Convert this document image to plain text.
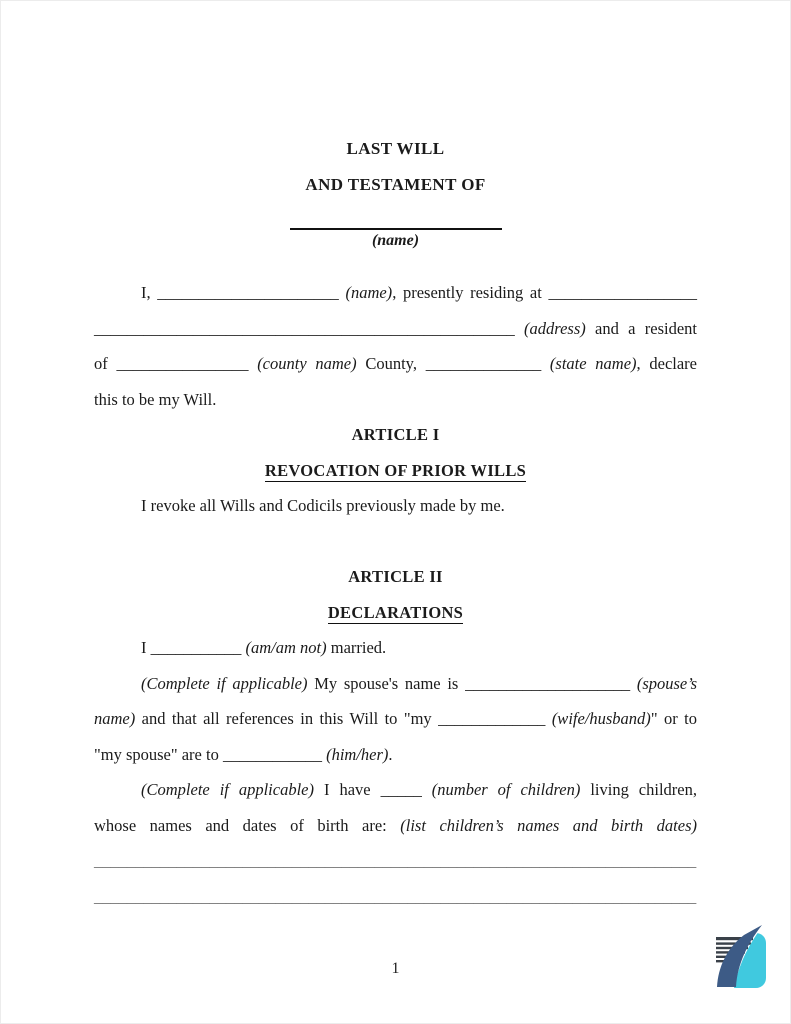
LAST WILL
AND TESTAMENT OF
(name)
I, ______________________ (name), presently residing at __________________
___________________________________________________ (address) and a resident
of ________________ (county name) County, ______________ (state name), declare
this to be my Will.
ARTICLE I
REVOCATION OF PRIOR WILLS
I revoke all Wills and Codicils previously made by me.
ARTICLE II
DECLARATIONS
I ___________ (am/am not) married.
(Complete if applicable) My spouse's name is ____________________ (spouse’s
name) and that all references in this Will to "my _____________ (wife/husband)" or to
"my spouse" are to ____________ (him/her).
(Complete if applicable) I have _____ (number of children) living children,
whose names and dates of birth are: (list children’s names and birth dates)
_________________________________________________________________________
_________________________________________________________________________
1
